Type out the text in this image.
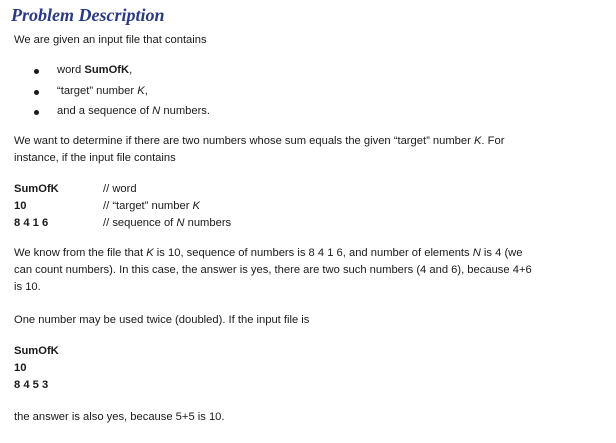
Problem Description
We are given an input file that contains
word SumOfK,
“target” number K,
and a sequence of N numbers.
We want to determine if there are two numbers whose sum equals the given “target” number K. For
instance, if the input file contains
SumOfK	// word
10	// “target” number K
8 4 1 6	// sequence of N numbers
We know from the file that K is 10, sequence of numbers is 8 4 1 6, and number of elements N is 4 (we
can count numbers). In this case, the answer is yes, there are two such numbers (4 and 6), because 4+6
is 10.
One number may be used twice (doubled). If the input file is
SumOfK
10
8 4 5 3
the answer is also yes, because 5+5 is 10.
